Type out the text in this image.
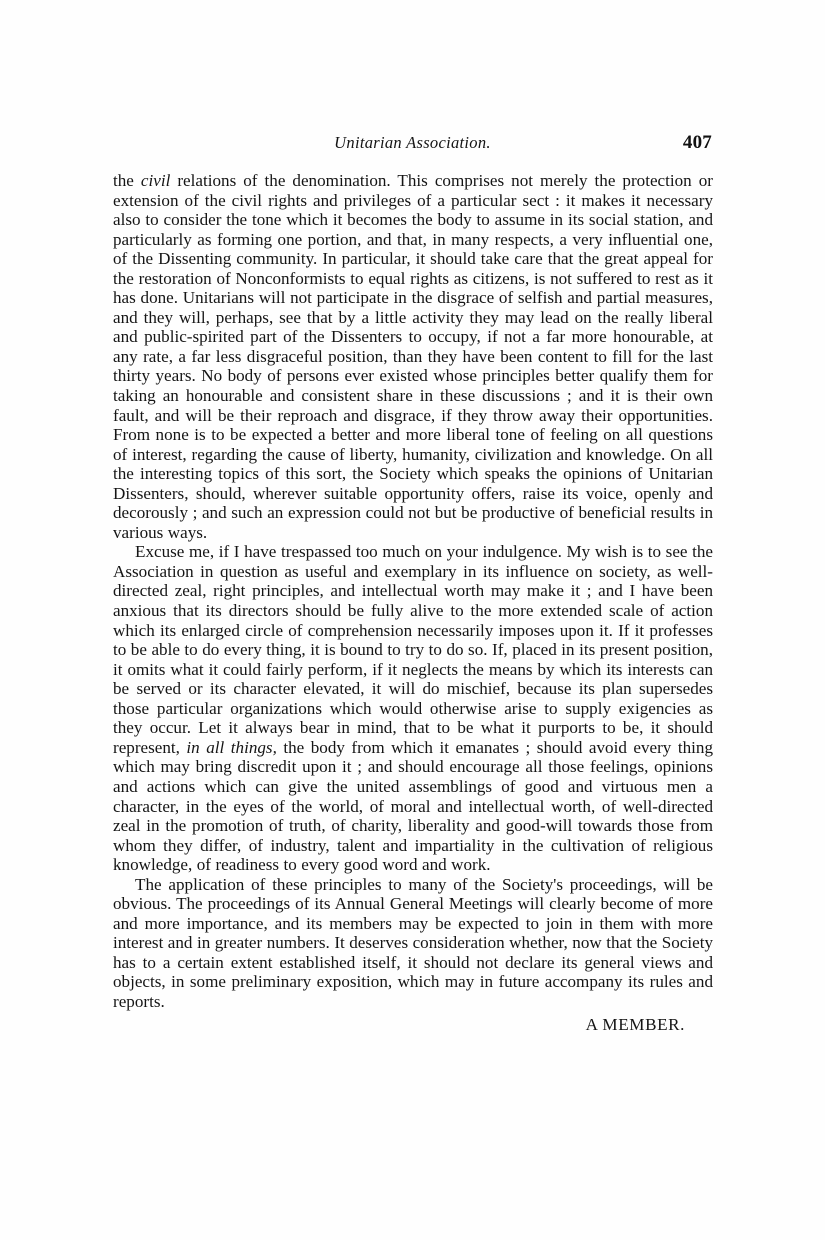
Unitarian Association.	407

the civil relations of the denomination. This comprises not merely the protection or extension of the civil rights and privileges of a particular sect : it makes it necessary also to consider the tone which it becomes the body to assume in its social station, and particularly as forming one portion, and that, in many respects, a very influential one, of the Dissenting community. In particular, it should take care that the great appeal for the restoration of Nonconformists to equal rights as citizens, is not suffered to rest as it has done. Unitarians will not participate in the disgrace of selfish and partial measures, and they will, perhaps, see that by a little activity they may lead on the really liberal and public-spirited part of the Dissenters to occupy, if not a far more honourable, at any rate, a far less disgraceful position, than they have been content to fill for the last thirty years. No body of persons ever existed whose principles better qualify them for taking an honourable and consistent share in these discussions ; and it is their own fault, and will be their reproach and disgrace, if they throw away their opportunities. From none is to be expected a better and more liberal tone of feeling on all questions of interest, regarding the cause of liberty, humanity, civilization and knowledge. On all the interesting topics of this sort, the Society which speaks the opinions of Unitarian Dissenters, should, wherever suitable opportunity offers, raise its voice, openly and decorously ; and such an expression could not but be productive of beneficial results in various ways.

Excuse me, if I have trespassed too much on your indulgence. My wish is to see the Association in question as useful and exemplary in its influence on society, as well-directed zeal, right principles, and intellectual worth may make it ; and I have been anxious that its directors should be fully alive to the more extended scale of action which its enlarged circle of comprehension necessarily imposes upon it. If it professes to be able to do every thing, it is bound to try to do so. If, placed in its present position, it omits what it could fairly perform, if it neglects the means by which its interests can be served or its character elevated, it will do mischief, because its plan supersedes those particular organizations which would otherwise arise to supply exigencies as they occur. Let it always bear in mind, that to be what it purports to be, it should represent, in all things, the body from which it emanates ; should avoid every thing which may bring discredit upon it ; and should encourage all those feelings, opinions and actions which can give the united assemblings of good and virtuous men a character, in the eyes of the world, of moral and intellectual worth, of well-directed zeal in the promotion of truth, of charity, liberality and good-will towards those from whom they differ, of industry, talent and impartiality in the cultivation of religious knowledge, of readiness to every good word and work.

The application of these principles to many of the Society's proceedings, will be obvious. The proceedings of its Annual General Meetings will clearly become of more and more importance, and its members may be expected to join in them with more interest and in greater numbers. It deserves consideration whether, now that the Society has to a certain extent established itself, it should not declare its general views and objects, in some preliminary exposition, which may in future accompany its rules and reports.

A MEMBER.
